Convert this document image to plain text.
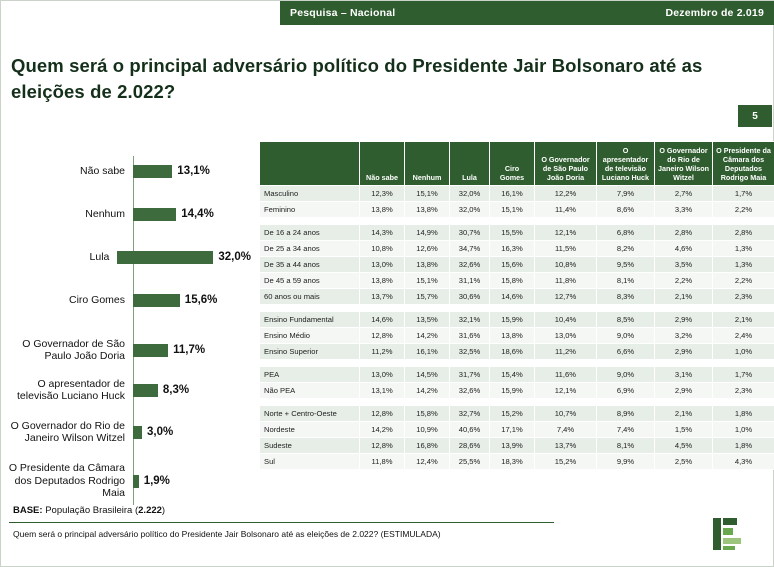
Pesquisa – Nacional	Dezembro de 2.019
Quem será o principal adversário político do Presidente Jair Bolsonaro até as eleições de 2.022?
5
Não sabe	13,1%
Nenhum	14,4%
Lula	32,0%
Ciro Gomes	15,6%
O Governador de São Paulo João Doria	11,7%
O apresentador de televisão Luciano Huck	8,3%
O Governador do Rio de Janeiro Wilson Witzel	3,0%
O Presidente da Câmara dos Deputados Rodrigo Maia
1,9%
BASE: População Brasileira (2.222)
Quem será o principal adversário político do Presidente Jair Bolsonaro até as eleições de 2.022? (ESTIMULADA)
	Não sabe	Nenhum	Lula	Ciro Gomes	O Governador de São Paulo João Doria	O apresentador de televisão Luciano Huck	O Governador do Rio de Janeiro Wilson Witzel	O Presidente da Câmara dos Deputados Rodrigo Maia
Masculino	12,3%	15,1%	32,0%	16,1%	12,2%	7,9%	2,7%	1,7%
Feminino	13,8%	13,8%	32,0%	15,1%	11,4%	8,6%	3,3%	2,2%

De 16 a 24 anos	14,3%	14,9%	30,7%	15,5%	12,1%	6,8%	2,8%	2,8%
De 25 a 34 anos	10,8%	12,6%	34,7%	16,3%	11,5%	8,2%	4,6%	1,3%
De 35 a 44 anos	13,0%	13,8%	32,6%	15,6%	10,8%	9,5%	3,5%	1,3%
De 45 a 59 anos	13,8%	15,1%	31,1%	15,8%	11,8%	8,1%	2,2%	2,2%
60 anos ou mais	13,7%	15,7%	30,6%	14,6%	12,7%	8,3%	2,1%	2,3%

Ensino Fundamental	14,6%	13,5%	32,1%	15,9%	10,4%	8,5%	2,9%	2,1%
Ensino Médio	12,8%	14,2%	31,6%	13,8%	13,0%	9,0%	3,2%	2,4%
Ensino Superior	11,2%	16,1%	32,5%	18,6%	11,2%	6,6%	2,9%	1,0%

PEA	13,0%	14,5%	31,7%	15,4%	11,6%	9,0%	3,1%	1,7%
Não PEA	13,1%	14,2%	32,6%	15,9%	12,1%	6,9%	2,9%	2,3%

Norte + Centro-Oeste	12,8%	15,8%	32,7%	15,2%	10,7%	8,9%	2,1%	1,8%
Nordeste	14,2%	10,9%	40,6%	17,1%	7,4%	7,4%	1,5%	1,0%
Sudeste	12,8%	16,8%	28,6%	13,9%	13,7%	8,1%	4,5%	1,8%
Sul	11,8%	12,4%	25,5%	18,3%	15,2%	9,9%	2,5%	4,3%
